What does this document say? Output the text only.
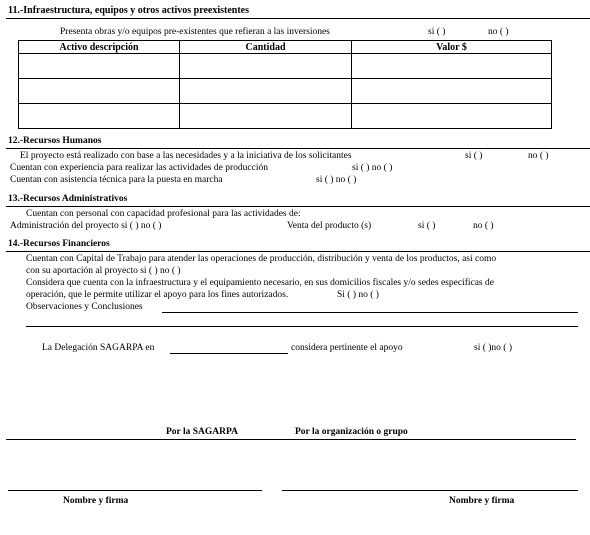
11.-Infraestructura, equipos y otros activos preexistentes
Presenta obras y/o equipos pre-existentes que refieran a las inversiones	si ( )	no ( )
Activo descripción	Cantidad	Valor $

12.-Recursos Humanos
El proyecto está realizado con base a las necesidades y a la iniciativa de los solicitantes	si ( )	no ( )
Cuentan con experiencia para realizar las actividades de producción	si ( ) no ( )
Cuentan con asistencia técnica para la puesta en marcha	si ( ) no ( )
13.-Recursos Administrativos
Cuentan con personal con capacidad profesional para las actividades de:
Administración del proyecto si ( ) no ( )	Venta del producto (s)	si ( )	no ( )
14.-Recursos Financieros
Cuentan con Capital de Trabajo para atender las operaciones de producción, distribución y venta de los productos, así como
con su aportación al proyecto si ( ) no ( )
Considera que cuenta con la infraestructura y el equipamiento necesario, en sus domicilios fiscales y/o sedes específicas de
operación, que le permite utilizar el apoyo para los fines autorizados.	Si ( ) no ( )
Observaciones y Conclusiones
La Delegación SAGARPA en	considera pertinente el apoyo	si ( )no ( )
Por la SAGARPA	Por la organización o grupo
Nombre y firma	Nombre y firma
